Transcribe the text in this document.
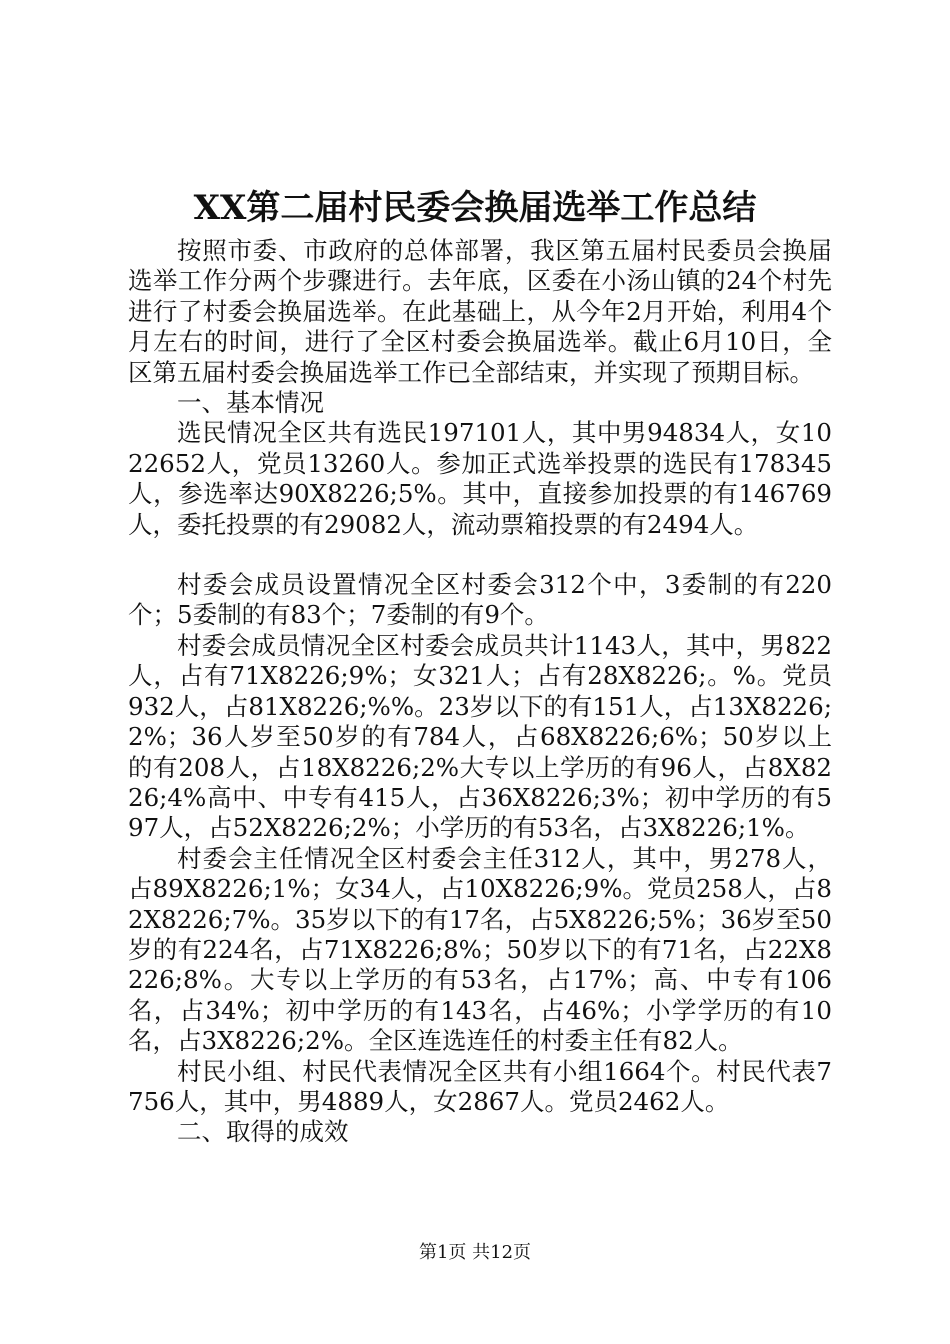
XX第二届村民委会换届选举工作总结

按照市委、市政府的总体部署，我区第五届村民委员会换届选举工作分两个步骤进行。去年底，区委在小汤山镇的24个村先进行了村委会换届选举。在此基础上，从今年2月开始，利用4个月左右的时间，进行了全区村委会换届选举。截止6月10日，全区第五届村委会换届选举工作已全部结束，并实现了预期目标。

一、基本情况

选民情况全区共有选民197101人，其中男94834人，女1022652人，党员13260人。参加正式选举投票的选民有178345人，参选率达90X8226;5%。其中，直接参加投票的有146769人，委托投票的有29082人，流动票箱投票的有2494人。

村委会成员设置情况全区村委会312个中，3委制的有220个；5委制的有83个；7委制的有9个。

村委会成员情况全区村委会成员共计1143人，其中，男822人，占有71X8226;9%；女321人；占有28X8226;。%。党员932人，占81X8226;%%。23岁以下的有151人，占13X8226;2%；36人岁至50岁的有784人，占68X8226;6%；50岁以上的有208人，占18X8226;2%大专以上学历的有96人，占8X8226;4%高中、中专有415人，占36X8226;3%；初中学历的有597人，占52X8226;2%；小学历的有53名，占3X8226;1%。

村委会主任情况全区村委会主任312人，其中，男278人，占89X8226;1%；女34人，占10X8226;9%。党员258人，占82X8226;7%。35岁以下的有17名，占5X8226;5%；36岁至50岁的有224名，占71X8226;8%；50岁以下的有71名，占22X8226;8%。大专以上学历的有53名，占17%；高、中专有106名，占34%；初中学历的有143名，占46%；小学学历的有10名，占3X8226;2%。全区连选连任的村委主任有82人。

村民小组、村民代表情况全区共有小组1664个。村民代表7756人，其中，男4889人，女2867人。党员2462人。

二、取得的成效

第1页 共12页
